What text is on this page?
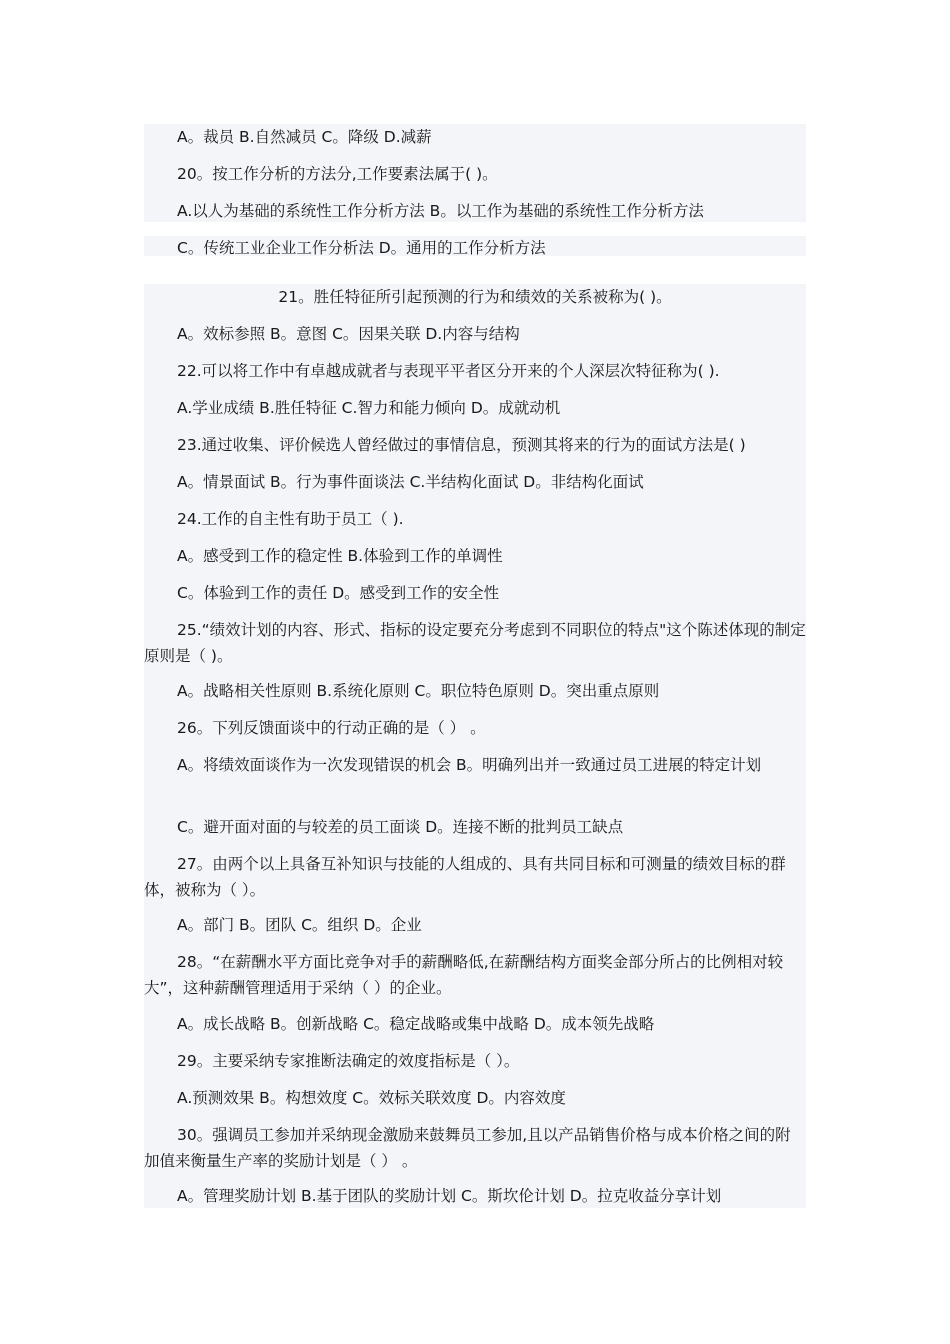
A。裁员 B.自然减员 C。降级 D.减薪
20。按工作分析的方法分,工作要素法属于( )。
A.以人为基础的系统性工作分析方法 B。以工作为基础的系统性工作分析方法
C。传统工业企业工作分析法 D。通用的工作分析方法
21。胜任特征所引起预测的行为和绩效的关系被称为( )。
A。效标参照 B。意图 C。因果关联 D.内容与结构
22.可以将工作中有卓越成就者与表现平平者区分开来的个人深层次特征称为( ).
A.学业成绩 B.胜任特征 C.智力和能力倾向 D。成就动机
23.通过收集、评价候选人曾经做过的事情信息，预测其将来的行为的面试方法是( )
A。情景面试 B。行为事件面谈法 C.半结构化面试 D。非结构化面试
24.工作的自主性有助于员工（ ).
A。感受到工作的稳定性 B.体验到工作的单调性
C。体验到工作的责任 D。感受到工作的安全性
25.“绩效计划的内容、形式、指标的设定要充分考虑到不同职位的特点"这个陈述体现的制定原则是（ )。
A。战略相关性原则 B.系统化原则 C。职位特色原则 D。突出重点原则
26。下列反馈面谈中的行动正确的是（ ） 。
A。将绩效面谈作为一次发现错误的机会 B。明确列出并一致通过员工进展的特定计划
C。避开面对面的与较差的员工面谈 D。连接不断的批判员工缺点
27。由两个以上具备互补知识与技能的人组成的、具有共同目标和可测量的绩效目标的群体，被称为（ ）。
A。部门 B。团队 C。组织 D。企业
28。“在薪酬水平方面比竞争对手的薪酬略低,在薪酬结构方面奖金部分所占的比例相对较大”，这种薪酬管理适用于采纳（ ）的企业。
A。成长战略 B。创新战略 C。稳定战略或集中战略 D。成本领先战略
29。主要采纳专家推断法确定的效度指标是（ ）。
A.预测效果 B。构想效度 C。效标关联效度 D。内容效度
30。强调员工参加并采纳现金激励来鼓舞员工参加,且以产品销售价格与成本价格之间的附加值来衡量生产率的奖励计划是（ ） 。
A。管理奖励计划 B.基于团队的奖励计划 C。斯坎伦计划 D。拉克收益分享计划
